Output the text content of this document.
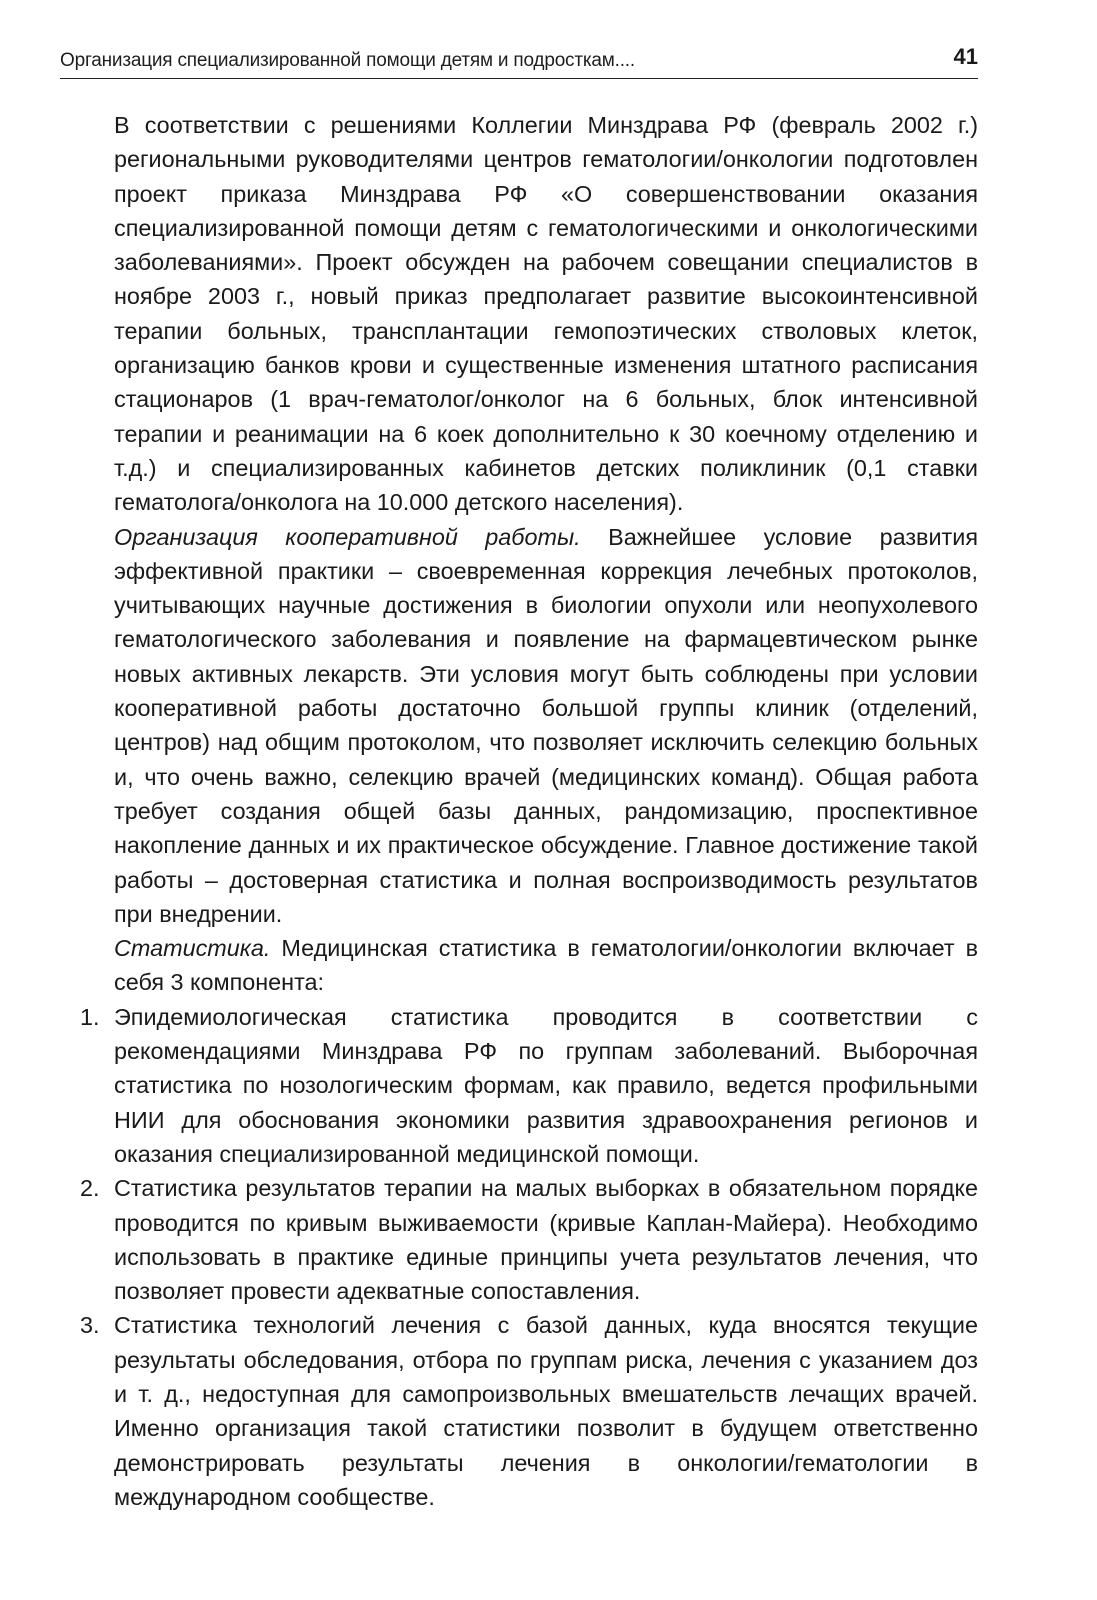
Организация специализированной помощи детям и подросткам....	41

В соответствии с решениями Коллегии Минздрава РФ (февраль 2002 г.) региональными руководителями центров гематологии/онкологии подготовлен проект приказа Минздрава РФ «О совершенствовании оказания специализированной помощи детям с гематологическими и онкологическими заболеваниями». Проект обсужден на рабочем совещании специалистов в ноябре 2003 г., новый приказ предполагает развитие высокоинтенсивной терапии больных, трансплантации гемопоэтических стволовых клеток, организацию банков крови и существенные изменения штатного расписания стационаров (1 врач-гематолог/онколог на 6 больных, блок интенсивной терапии и реанимации на 6 коек дополнительно к 30 коечному отделению и т.д.) и специализированных кабинетов детских поликлиник (0,1 ставки гематолога/онколога на 10.000 детского населения).

Организация кооперативной работы. Важнейшее условие развития эффективной практики – своевременная коррекция лечебных протоколов, учитывающих научные достижения в биологии опухоли или неопухолевого гематологического заболевания и появление на фармацевтическом рынке новых активных лекарств. Эти условия могут быть соблюдены при условии кооперативной работы достаточно большой группы клиник (отделений, центров) над общим протоколом, что позволяет исключить селекцию больных и, что очень важно, селекцию врачей (медицинских команд). Общая работа требует создания общей базы данных, рандомизацию, проспективное накопление данных и их практическое обсуждение. Главное достижение такой работы – достоверная статистика и полная воспроизводимость результатов при внедрении.

Статистика. Медицинская статистика в гематологии/онкологии включает в себя 3 компонента:

1. Эпидемиологическая статистика проводится в соответствии с рекомендациями Минздрава РФ по группам заболеваний. Выборочная статистика по нозологическим формам, как правило, ведется профильными НИИ для обоснования экономики развития здравоохранения регионов и оказания специализированной медицинской помощи.
2. Статистика результатов терапии на малых выборках в обязательном порядке проводится по кривым выживаемости (кривые Каплан-Майера). Необходимо использовать в практике единые принципы учета результатов лечения, что позволяет провести адекватные сопоставления.
3. Статистика технологий лечения с базой данных, куда вносятся текущие результаты обследования, отбора по группам риска, лечения с указанием доз и т. д., недоступная для самопроизвольных вмешательств лечащих врачей. Именно организация такой статистики позволит в будущем ответственно демонстрировать результаты лечения в онкологии/гематологии в международном сообществе.
